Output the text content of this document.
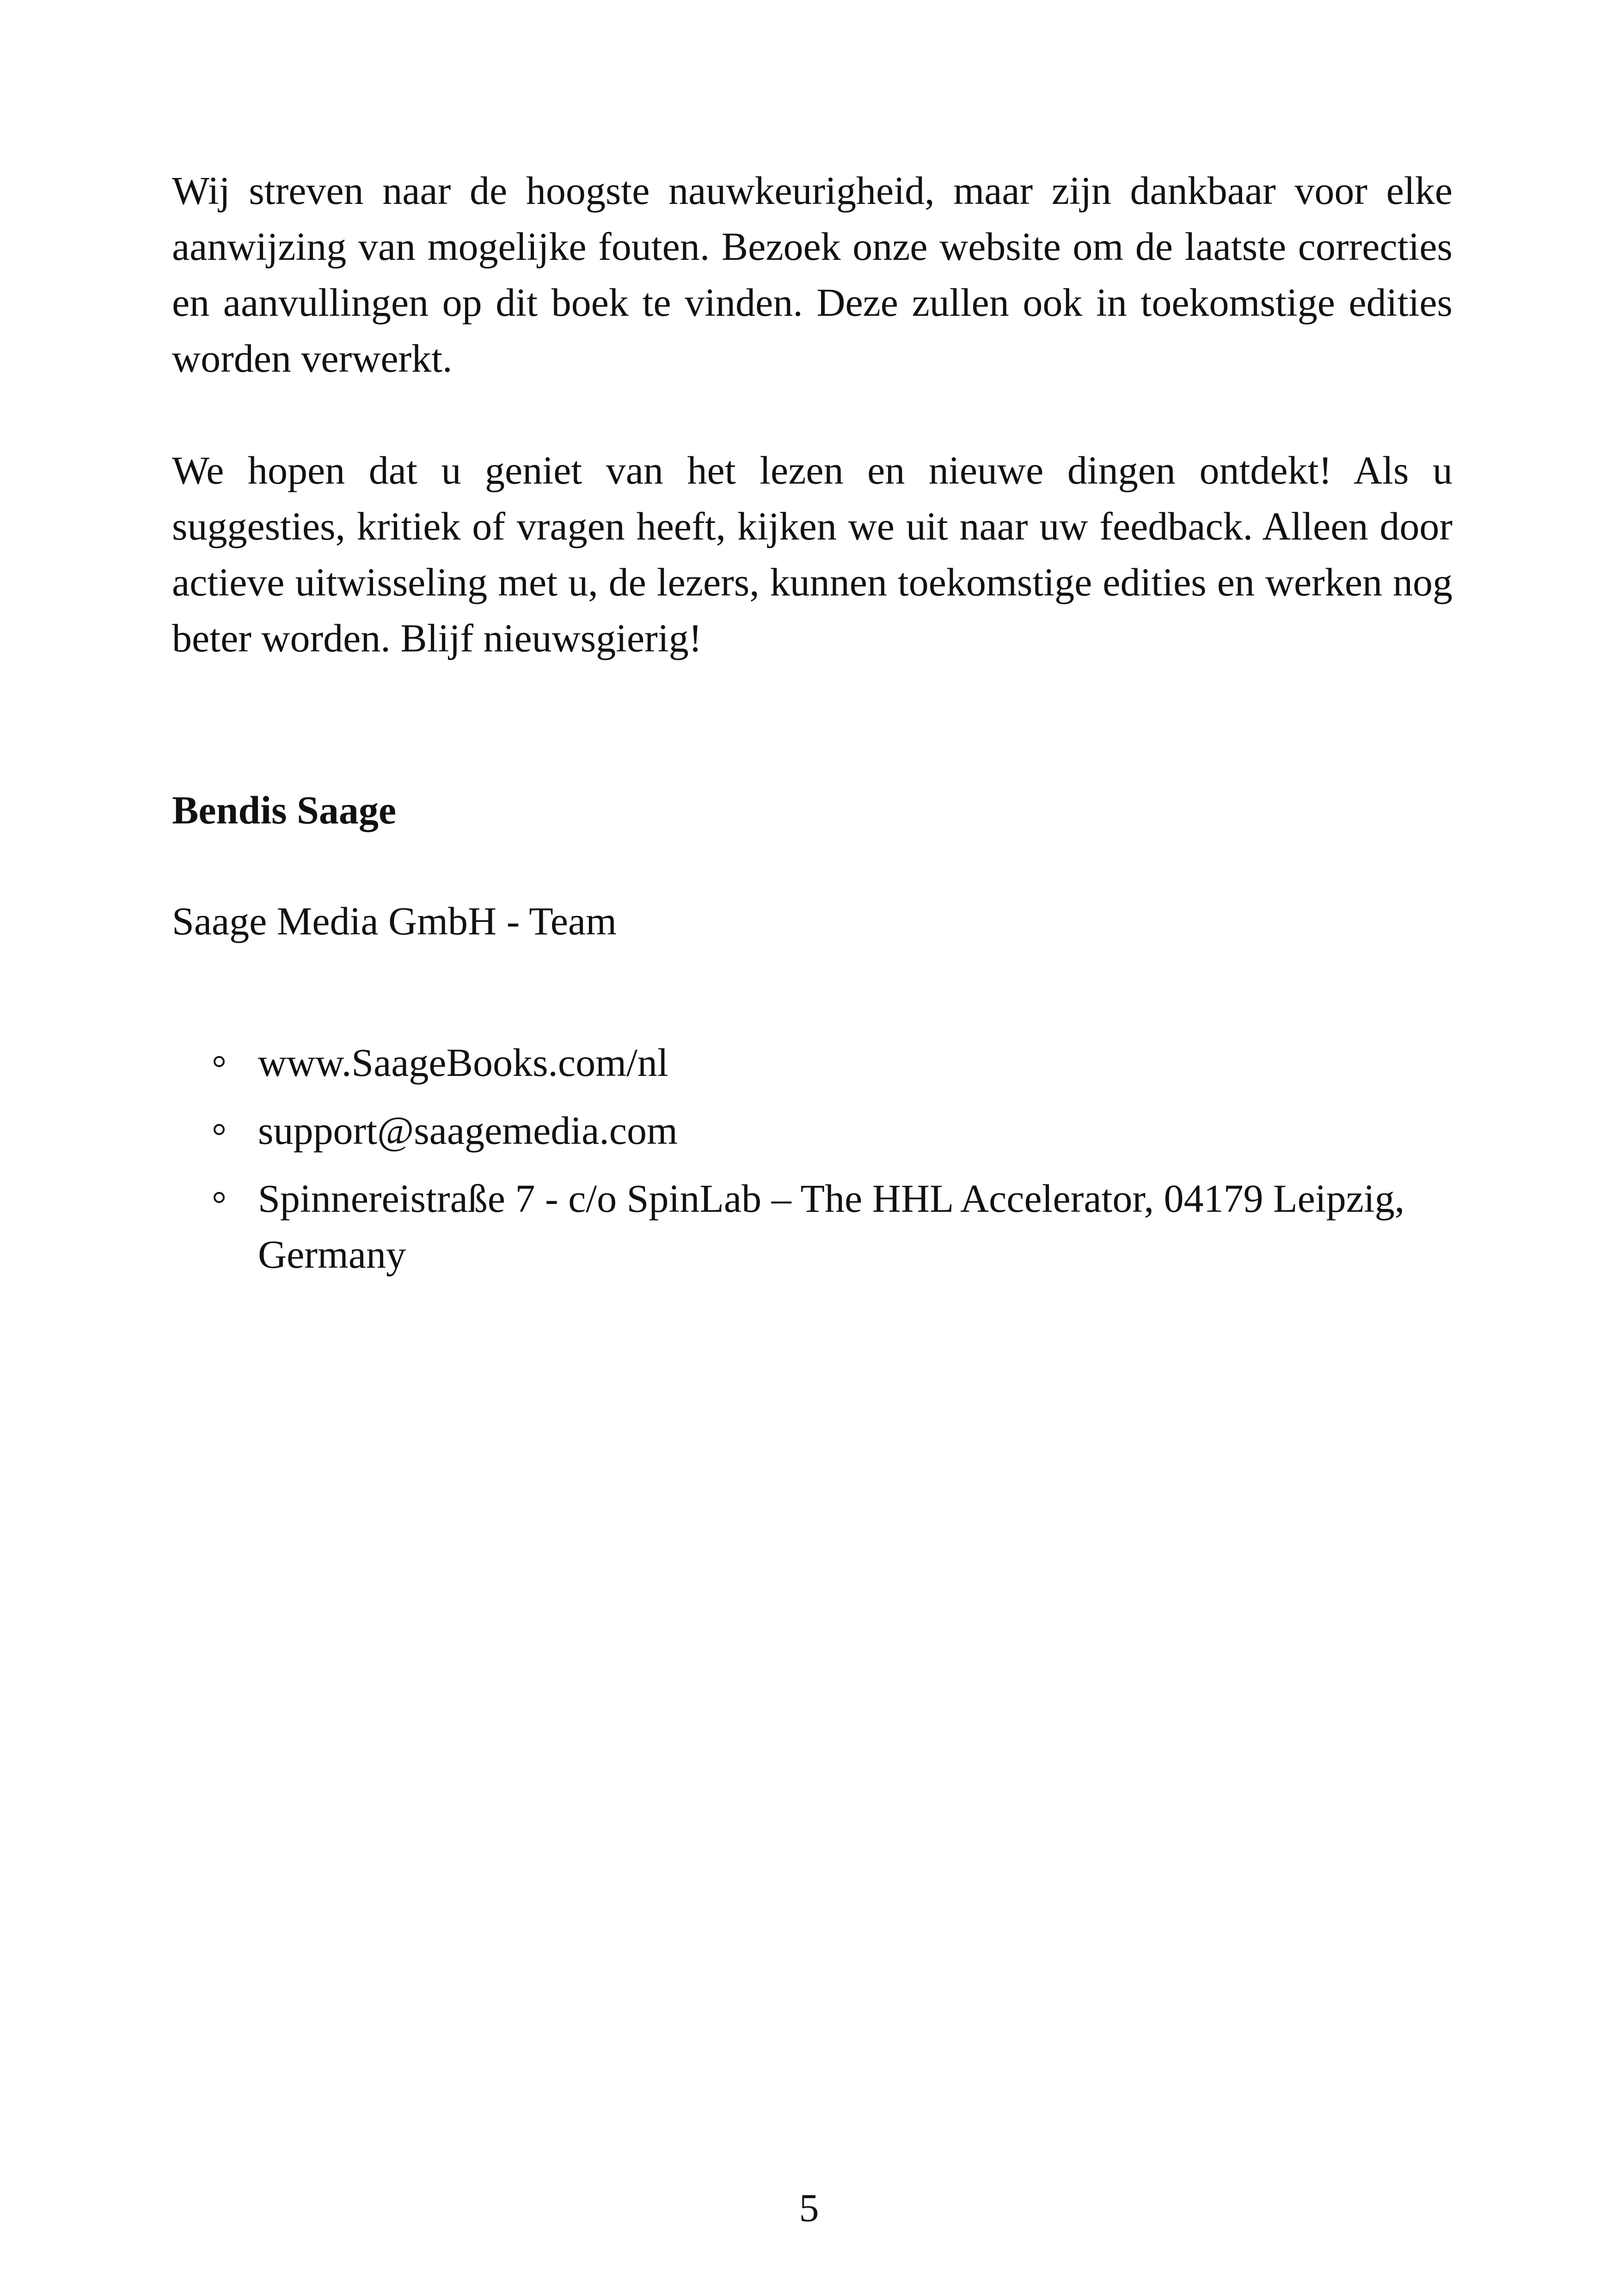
Wij streven naar de hoogste nauwkeurigheid, maar zijn dankbaar voor elke aanwijzing van mogelijke fouten. Bezoek onze website om de laatste correcties en aanvullingen op dit boek te vinden. Deze zullen ook in toekomstige edities worden verwerkt.

We hopen dat u geniet van het lezen en nieuwe dingen ontdekt! Als u suggesties, kritiek of vragen heeft, kijken we uit naar uw feedback. Alleen door actieve uitwisseling met u, de lezers, kunnen toekomstige edities en werken nog beter worden. Blijf nieuwsgierig!

Bendis Saage

Saage Media GmbH - Team

www.SaageBooks.com/nl
support@saagemedia.com
Spinnereistraße 7 - c/o SpinLab – The HHL Accelerator, 04179 Leipzig, Germany
5
